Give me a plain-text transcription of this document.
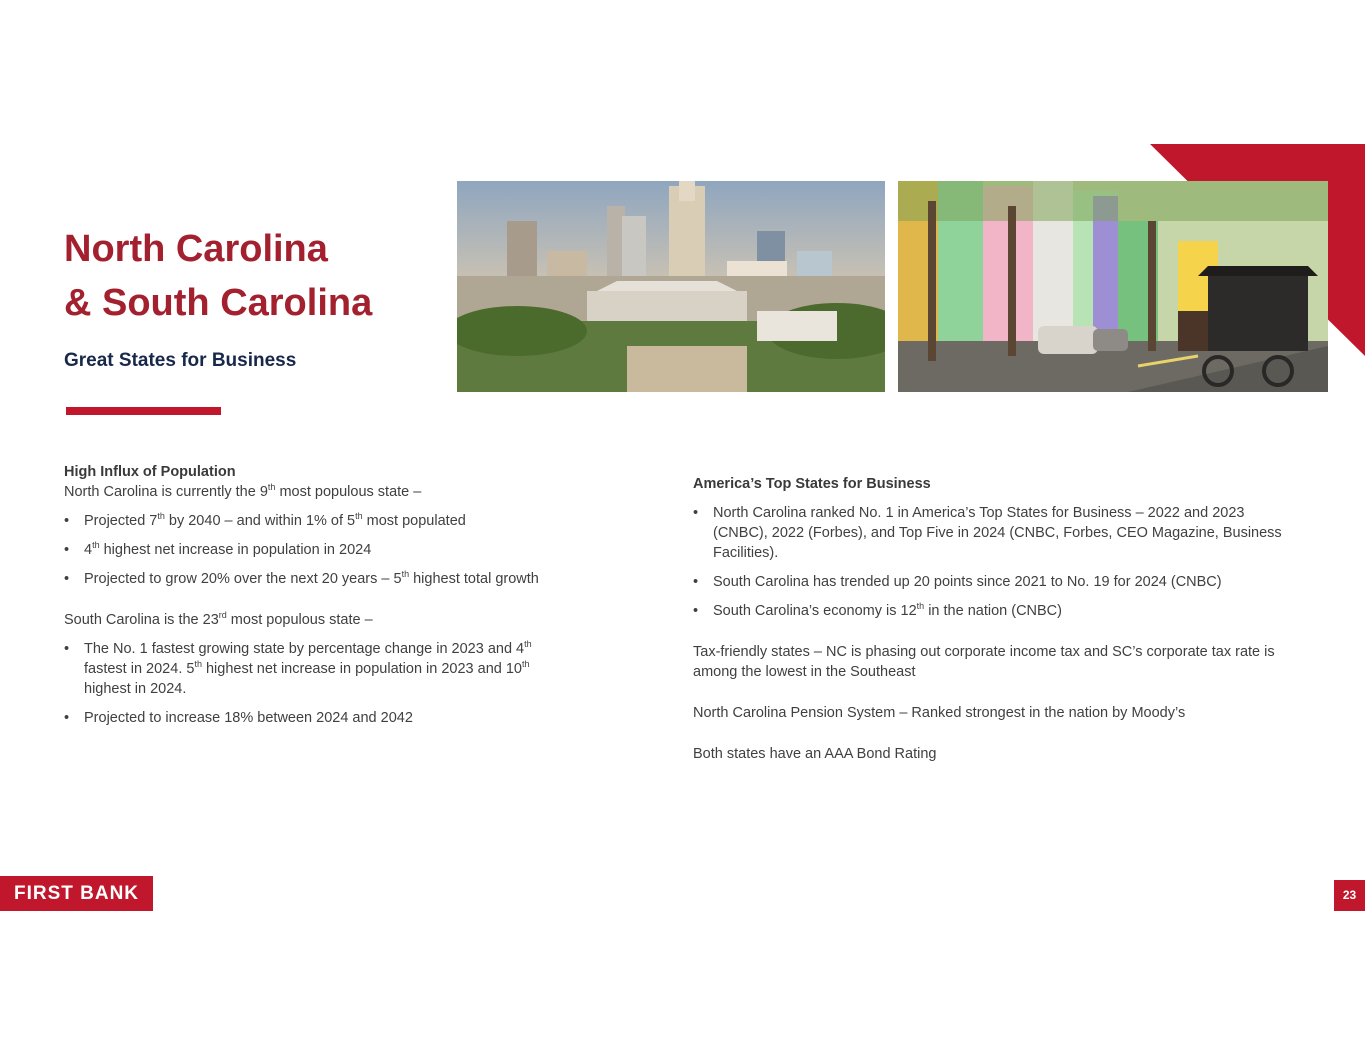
North Carolina
& South Carolina
Great States for Business
High Influx of Population

North Carolina is currently the 9th most populous state –

• Projected 7th by 2040 – and within 1% of 5th most populated
• 4th highest net increase in population in 2024
• Projected to grow 20% over the next 20 years – 5th highest total growth

South Carolina is the 23rd most populous state –

• The No. 1 fastest growing state by percentage change in 2023 and 4th fastest in 2024. 5th highest net increase in population in 2023 and 10th highest in 2024.
• Projected to increase 18% between 2024 and 2042
America’s Top States for Business
• North Carolina ranked No. 1 in America’s Top States for Business – 2022 and 2023 (CNBC), 2022 (Forbes), and Top Five in 2024 (CNBC, Forbes, CEO Magazine, Business Facilities).
• South Carolina has trended up 20 points since 2021 to No. 19 for 2024 (CNBC)
• South Carolina’s economy is 12th in the nation (CNBC)

Tax-friendly states – NC is phasing out corporate income tax and SC’s corporate tax rate is among the lowest in the Southeast

North Carolina Pension System – Ranked strongest in the nation by Moody’s

Both states have an AAA Bond Rating

FIRST BANK	23
